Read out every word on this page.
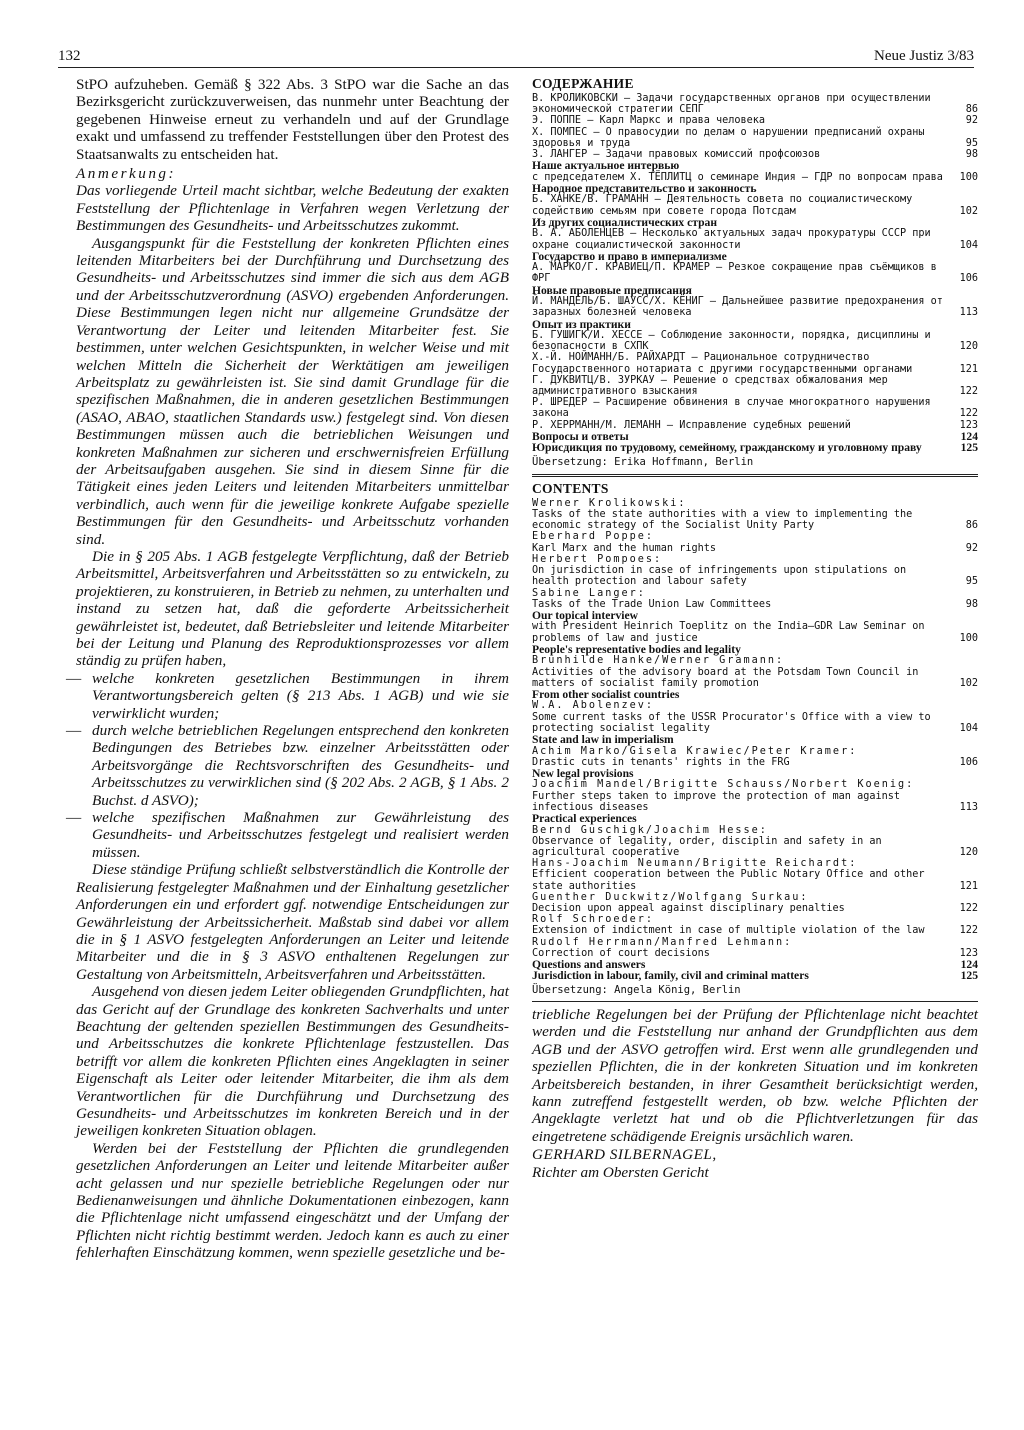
132	Neue Justiz 3/83

StPO aufzuheben. Gemäß § 322 Abs. 3 StPO war die Sache an das Bezirksgericht zurückzuverweisen, das nunmehr unter Beachtung der gegebenen Hinweise erneut zu verhandeln und auf der Grundlage exakt und umfassend zu treffender Feststellungen über den Protest des Staatsanwalts zu entscheiden hat.

Anmerkung:

Das vorliegende Urteil macht sichtbar, welche Bedeutung der exakten Feststellung der Pflichtenlage in Verfahren wegen Verletzung der Bestimmungen des Gesundheits- und Arbeitsschutzes zukommt.

Ausgangspunkt für die Feststellung der konkreten Pflichten eines leitenden Mitarbeiters bei der Durchführung und Durchsetzung des Gesundheits- und Arbeitsschutzes sind immer die sich aus dem AGB und der Arbeitsschutzverordnung (ASVO) ergebenden Anforderungen. Diese Bestimmungen legen nicht nur allgemeine Grundsätze der Verantwortung der Leiter und leitenden Mitarbeiter fest. Sie bestimmen, unter welchen Gesichtspunkten, in welcher Weise und mit welchen Mitteln die Sicherheit der Werktätigen am jeweiligen Arbeitsplatz zu gewährleisten ist. Sie sind damit Grundlage für die spezifischen Maßnahmen, die in anderen gesetzlichen Bestimmungen (ASAO, ABAO, staatlichen Standards usw.) festgelegt sind. Von diesen Bestimmungen müssen auch die betrieblichen Weisungen und konkreten Maßnahmen zur sicheren und erschwernisfreien Erfüllung der Arbeitsaufgaben ausgehen. Sie sind in diesem Sinne für die Tätigkeit eines jeden Leiters und leitenden Mitarbeiters unmittelbar verbindlich, auch wenn für die jeweilige konkrete Aufgabe spezielle Bestimmungen für den Gesundheits- und Arbeitsschutz vorhanden sind.

Die in § 205 Abs. 1 AGB festgelegte Verpflichtung, daß der Betrieb Arbeitsmittel, Arbeitsverfahren und Arbeitsstätten so zu entwickeln, zu projektieren, zu konstruieren, in Betrieb zu nehmen, zu unterhalten und instand zu setzen hat, daß die geforderte Arbeitssicherheit gewährleistet ist, bedeutet, daß Betriebsleiter und leitende Mitarbeiter bei der Leitung und Planung des Reproduktionsprozesses vor allem ständig zu prüfen haben,

— welche konkreten gesetzlichen Bestimmungen in ihrem Verantwortungsbereich gelten (§ 213 Abs. 1 AGB) und wie sie verwirklicht wurden;

— durch welche betrieblichen Regelungen entsprechend den konkreten Bedingungen des Betriebes bzw. einzelner Arbeitsstätten oder Arbeitsvorgänge die Rechtsvorschriften des Gesundheits- und Arbeitsschutzes zu verwirklichen sind (§ 202 Abs. 2 AGB, § 1 Abs. 2 Buchst. d ASVO);

— welche spezifischen Maßnahmen zur Gewährleistung des Gesundheits- und Arbeitsschutzes festgelegt und realisiert werden müssen.

Diese ständige Prüfung schließt selbstverständlich die Kontrolle der Realisierung festgelegter Maßnahmen und der Einhaltung gesetzlicher Anforderungen ein und erfordert ggf. notwendige Entscheidungen zur Gewährleistung der Arbeitssicherheit. Maßstab sind dabei vor allem die in § 1 ASVO festgelegten Anforderungen an Leiter und leitende Mitarbeiter und die in § 3 ASVO enthaltenen Regelungen zur Gestaltung von Arbeitsmitteln, Arbeitsverfahren und Arbeitsstätten.

Ausgehend von diesen jedem Leiter obliegenden Grundpflichten, hat das Gericht auf der Grundlage des konkreten Sachverhalts und unter Beachtung der geltenden speziellen Bestimmungen des Gesundheits- und Arbeitsschutzes die konkrete Pflichtenlage festzustellen. Das betrifft vor allem die konkreten Pflichten eines Angeklagten in seiner Eigenschaft als Leiter oder leitender Mitarbeiter, die ihm als dem Verantwortlichen für die Durchführung und Durchsetzung des Gesundheits- und Arbeitsschutzes im konkreten Bereich und in der jeweiligen konkreten Situation oblagen.

Werden bei der Feststellung der Pflichten die grundlegenden gesetzlichen Anforderungen an Leiter und leitende Mitarbeiter außer acht gelassen und nur spezielle betriebliche Regelungen oder nur Bedienanweisungen und ähnliche Dokumentationen einbezogen, kann die Pflichtenlage nicht umfassend eingeschätzt und der Umfang der Pflichten nicht richtig bestimmt werden. Jedoch kann es auch zu einer fehlerhaften Einschätzung kommen, wenn spezielle gesetzliche und be-

СОДЕРЖАНИЕ
В. КРОЛИКОВСКИ — Задачи государственных органов при осуществлении экономической стратегии СЕПГ	86
Э. ПОППЕ — Карл Маркс и права человека	92
Х. ПОМПЕС — О правосудии по делам о нарушении предписаний охраны здоровья и труда	95
З. ЛАНГЕР — Задачи правовых комиссий профсоюзов	98
Наше актуальное интервью
с председателем Х. ТЁПЛИТЦ о семинаре Индия — ГДР по вопросам права 100
Народное представительство и законность
Б. ХАНКЕ/В. ГРАМАНН — Деятельность совета по социалистическому содействию семьям при совете города Потсдам	102
Из других социалистических стран
В. А. АБОЛЕНЦЕВ — Несколько актуальных задач прокуратуры СССР при охране социалистической законности	104
Государство и право в империализме
А. МАРКО/Г. КРАВИЕЦ/П. КРАМЕР — Резкое сокращение прав съёмщиков в ФРГ	106
Новые правовые предписания
Й. МАНДЕЛЬ/Б. ШАУСС/Х. КЁНИГ — Дальнейшее развитие предохранения от заразных болезней человека	113
Опыт из практики
Б. ГУШИГК/И. ХЕССЕ — Соблюдение законности, порядка, дисциплины и безопасности в СХПК	120
Х.-Й. НОЙМАНН/Б. РАЙХАРДТ — Рациональное сотрудничество Государственного нотариата с другими государственными органами	121
Г. ДУКВИТЦ/В. ЗУРКАУ — Решение о средствах обжалования мер административного взыскания	122
Р. ШРЕДЕР — Расширение обвинения в случае многократного нарушения закона	122
Р. ХЕРРМАНН/М. ЛЕМАНН — Исправление судебных решений	123
Вопросы и ответы	124
Юрисдикция по трудовому, семейному, гражданскому и уголовному праву	125
Übersetzung: Erika Hoffmann, Berlin
CONTENTS
Werner Krolikowski:
Tasks of the state authorities with a view to implementing the economic strategy of the Socialist Unity Party	86
Eberhard Poppe:
Karl Marx and the human rights	92
Herbert Pompoes:
On jurisdiction in case of infringements upon stipulations on health protection and labour safety	95
Sabine Langer:
Tasks of the Trade Union Law Committees	98
Our topical interview
with President Heinrich Toeplitz on the India–GDR Law Seminar on problems of law and justice	100
People's representative bodies and legality
Brunhilde Hanke/Werner Gramann:
Activities of the advisory board at the Potsdam Town Council in matters of socialist family promotion	102
From other socialist countries
W.A. Abolenzev:
Some current tasks of the USSR Procurator's Office with a view to protecting socialist legality	104
State and law in imperialism
Achim Marko/Gisela Krawiec/Peter Kramer:
Drastic cuts in tenants' rights in the FRG	106
New legal provisions
Joachim Mandel/Brigitte Schauss/Norbert Koenig:
Further steps taken to improve the protection of man against infectious diseases	113
Practical experiences
Bernd Guschigk/Joachim Hesse:
Observance of legality, order, disciplin and safety in an agricultural cooperative	120
Hans-Joachim Neumann/Brigitte Reichardt:
Efficient cooperation between the Public Notary Office and other state authorities	121
Guenther Duckwitz/Wolfgang Surkau:
Decision upon appeal against disciplinary penalties	122
Rolf Schroeder:
Extension of indictment in case of multiple violation of the law	122
Rudolf Herrmann/Manfred Lehmann:
Correction of court decisions	123
Questions and answers	124
Jurisdiction in labour, family, civil and criminal matters	125
Übersetzung: Angela König, Berlin

triebliche Regelungen bei der Prüfung der Pflichtenlage nicht beachtet werden und die Feststellung nur anhand der Grundpflichten aus dem AGB und der ASVO getroffen wird. Erst wenn alle grundlegenden und speziellen Pflichten, die in der konkreten Situation und im konkreten Arbeitsbereich bestanden, in ihrer Gesamtheit berücksichtigt werden, kann zutreffend festgestellt werden, ob bzw. welche Pflichten der Angeklagte verletzt hat und ob die Pflichtverletzungen für das eingetretene schädigende Ereignis ursächlich waren.

GERHARD SILBERNAGEL,

Richter am Obersten Gericht
